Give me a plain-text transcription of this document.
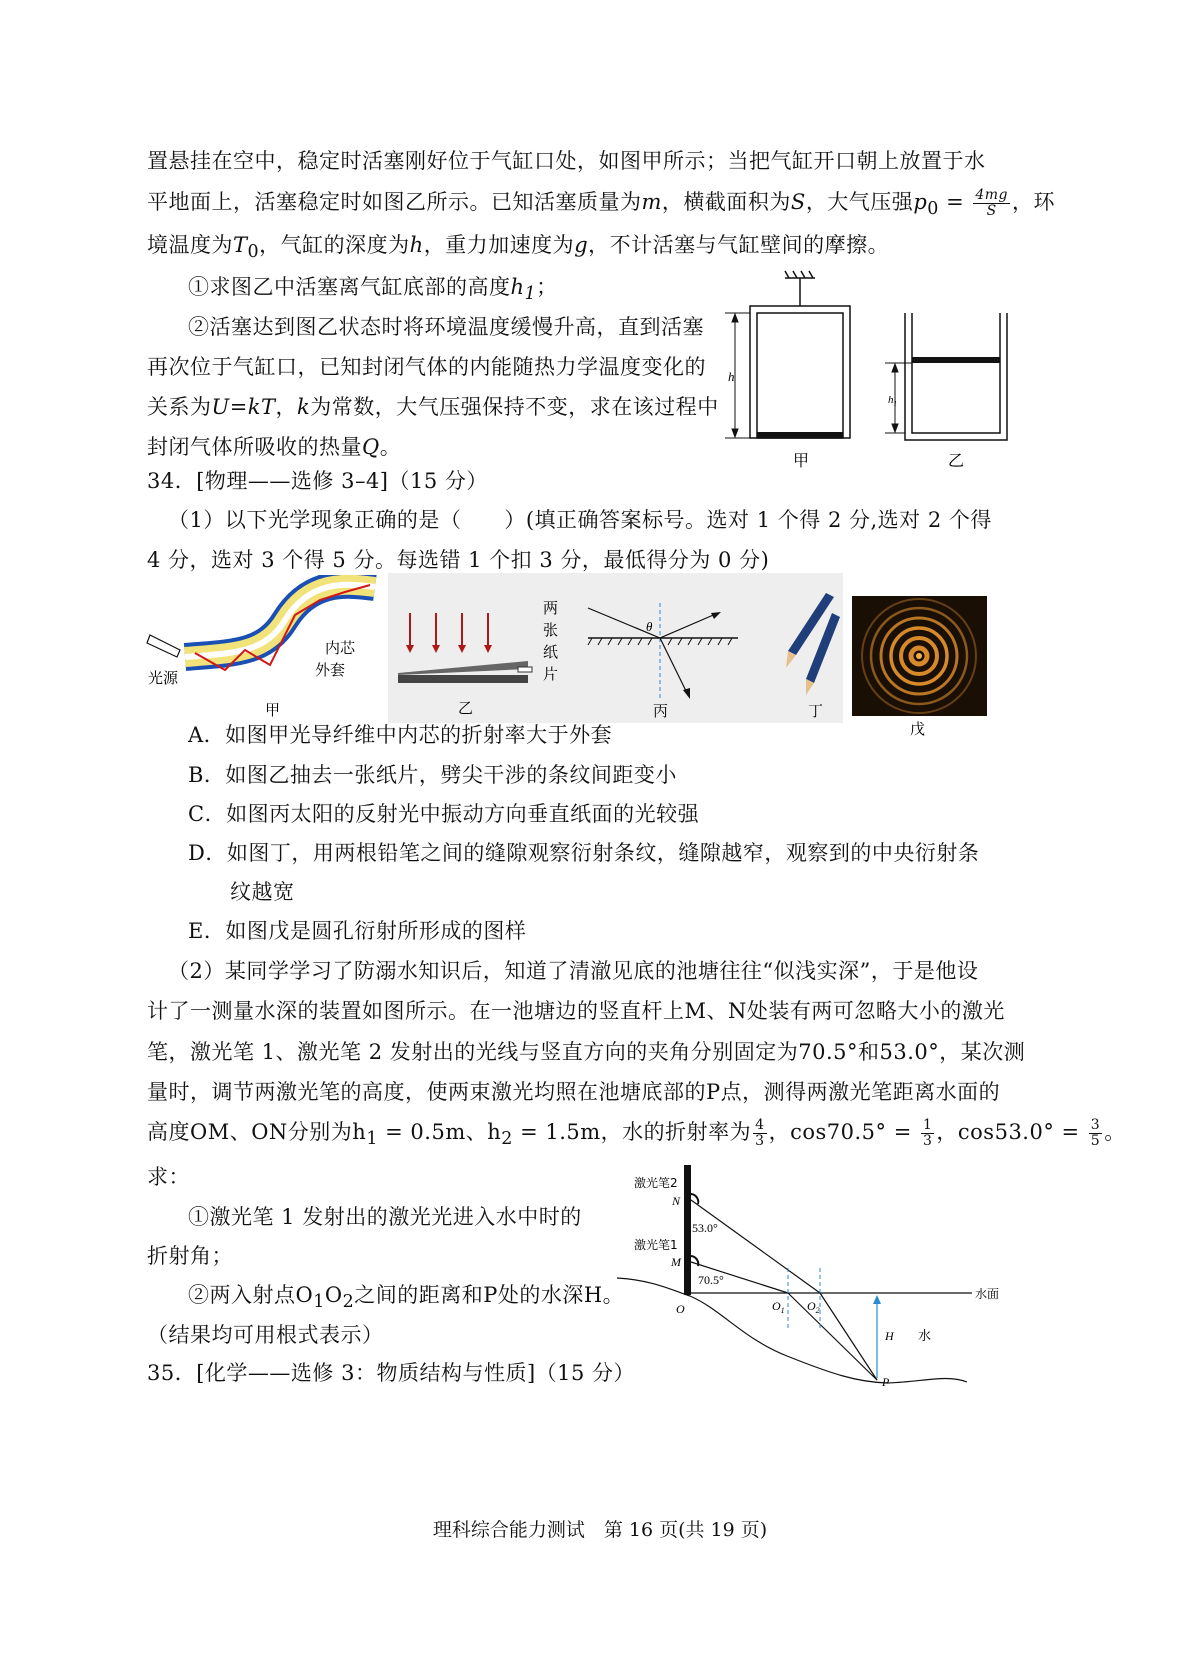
置悬挂在空中，稳定时活塞刚好位于气缸口处，如图甲所示；当把气缸开口朝上放置于水
平地面上，活塞稳定时如图乙所示。已知活塞质量为m，横截面积为S，大气压强$p_0 = \frac{4mg}{S}$ ，环
境温度为$T_0$，气缸的深度为h，重力加速度为g，不计活塞与气缸壁间的摩擦。
①求图乙中活塞离气缸底部的高度$h_1$；
②活塞达到图乙状态时将环境温度缓慢升高，直到活塞
再次位于气缸口，已知封闭气体的内能随热力学温度变化的
关系为U=kT，k为常数，大气压强保持不变，求在该过程中
封闭气体所吸收的热量Q。
h
甲
$h_1$
乙
34．[物理——选修 3–4]（15 分）
（1）以下光学现象正确的是（　　）(填正确答案标号。选对 1 个得 2 分,选对 2 个得
4 分，选对 3 个得 5 分。每选错 1 个扣 3 分，最低得分为 0 分)
光源
内芯
外套
甲
两
张
纸
片
乙
θ
丙	丁
戊
A．如图甲光导纤维中内芯的折射率大于外套
B．如图乙抽去一张纸片，劈尖干涉的条纹间距变小
C．如图丙太阳的反射光中振动方向垂直纸面的光较强
D．如图丁，用两根铅笔之间的缝隙观察衍射条纹，缝隙越窄，观察到的中央衍射条
纹越宽
E．如图戊是圆孔衍射所形成的图样
（2）某同学学习了防溺水知识后，知道了清澈见底的池塘往往“似浅实深”，于是他设
计了一测量水深的装置如图所示。在一池塘边的竖直杆上M、N处装有两可忽略大小的激光
笔，激光笔 1、激光笔 2 发射出的光线与竖直方向的夹角分别固定为70.5°和53.0°，某次测
量时，调节两激光笔的高度，使两束激光均照在池塘底部的P点，测得两激光笔距离水面的
高度OM、ON分别为$h_1 = 0.5m$、$h_2 = 1.5m$，水的折射率为 $\frac{4}{3}$ ，$\cos 70.5^\circ = \frac{1}{3}$ ，$\cos 53.0^\circ = \frac{3}{5}$ 。
求：
①激光笔 1 发射出的激光光进入水中时的
折射角；
②两入射点$O_1O_2$之间的距离和P处的水深H。
（结果均可用根式表示）
激光笔2
N
激光笔1
M
53.0°
70.5°
O	$O_1$ $O_2$
水面
H 水
P
35．[化学——选修 3：物质结构与性质]（15 分）
理科综合能力测试　第 16 页(共 19 页)
